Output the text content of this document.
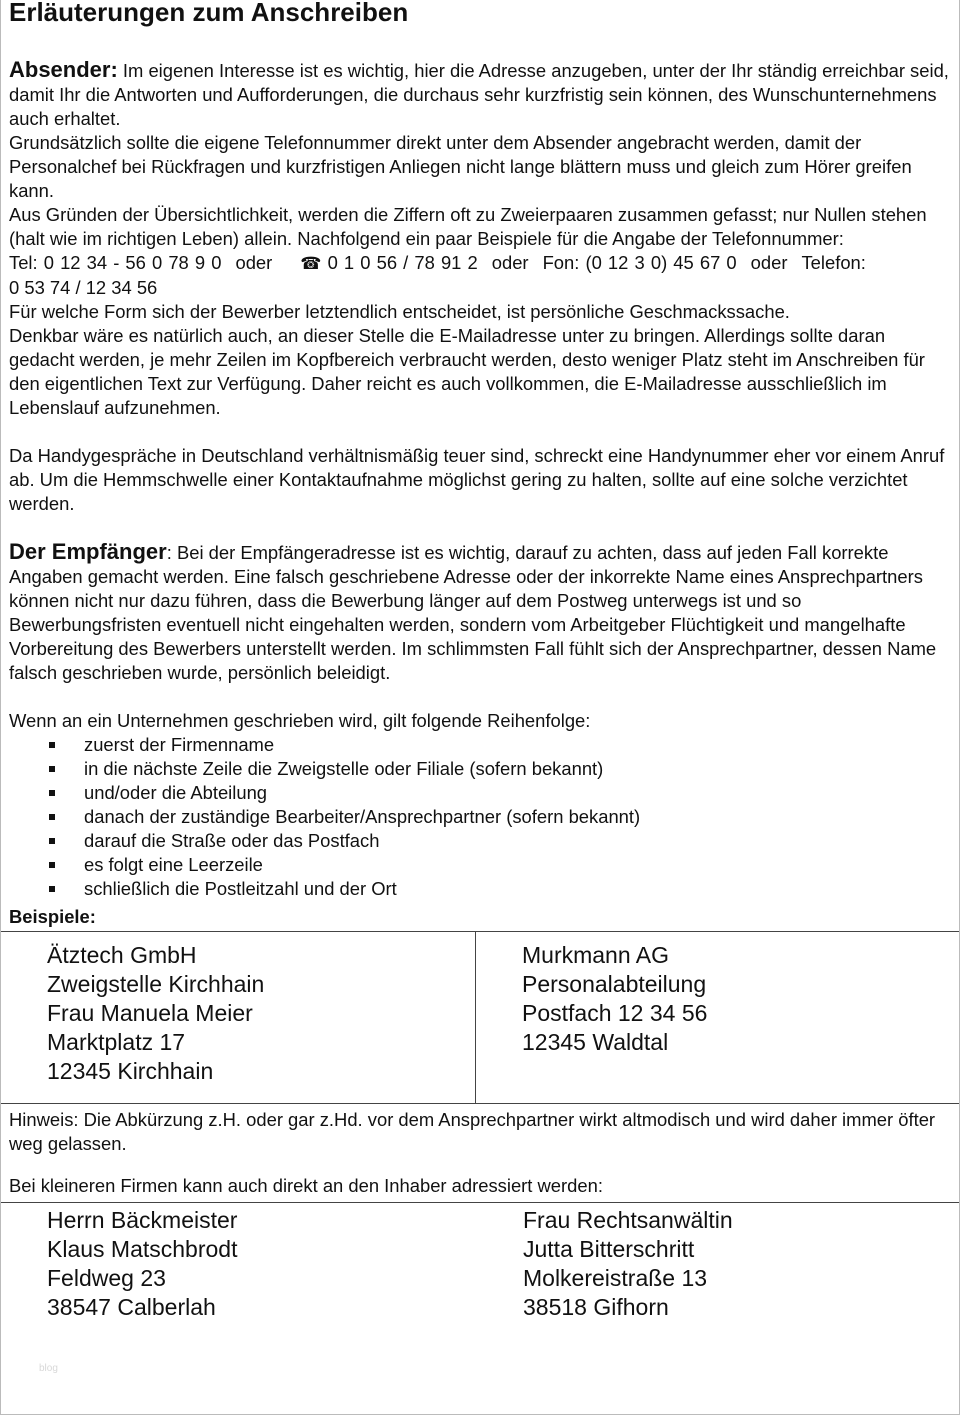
Erläuterungen zum Anschreiben

Absender: Im eigenen Interesse ist es wichtig, hier die Adresse anzugeben, unter der Ihr ständig erreichbar seid, damit Ihr die Antworten und Aufforderungen, die durchaus sehr kurzfristig sein können, des Wunschunternehmens auch erhaltet.

Grundsätzlich sollte die eigene Telefonnummer direkt unter dem Absender angebracht werden, damit der Personalchef bei Rückfragen und kurzfristigen Anliegen nicht lange blättern muss und gleich zum Hörer greifen kann.

Aus Gründen der Übersichtlichkeit, werden die Ziffern oft zu Zweierpaaren zusammen gefasst; nur Nullen stehen (halt wie im richtigen Leben) allein. Nachfolgend ein paar Beispiele für die Angabe der Telefonnummer:

Tel: 0 12 34 - 56 0 78 9 0 oder ☎ 0 1 0 56 / 78 91 2 oder Fon: (0 12 3 0) 45 67 0 oder Telefon:

0 53 74 / 12 34 56

Für welche Form sich der Bewerber letztendlich entscheidet, ist persönliche Geschmackssache.

Denkbar wäre es natürlich auch, an dieser Stelle die E-Mailadresse unter zu bringen. Allerdings sollte daran gedacht werden, je mehr Zeilen im Kopfbereich verbraucht werden, desto weniger Platz steht im Anschreiben für den eigentlichen Text zur Verfügung. Daher reicht es auch vollkommen, die E-Mailadresse ausschließlich im Lebenslauf aufzunehmen.

Da Handygespräche in Deutschland verhältnismäßig teuer sind, schreckt eine Handynummer eher vor einem Anruf ab. Um die Hemmschwelle einer Kontaktaufnahme möglichst gering zu halten, sollte auf eine solche verzichtet werden.

Der Empfänger: Bei der Empfängeradresse ist es wichtig, darauf zu achten, dass auf jeden Fall korrekte Angaben gemacht werden. Eine falsch geschriebene Adresse oder der inkorrekte Name eines Ansprechpartners können nicht nur dazu führen, dass die Bewerbung länger auf dem Postweg unterwegs ist und so Bewerbungsfristen eventuell nicht eingehalten werden, sondern vom Arbeitgeber Flüchtigkeit und mangelhafte Vorbereitung des Bewerbers unterstellt werden. Im schlimmsten Fall fühlt sich der Ansprechpartner, dessen Name falsch geschrieben wurde, persönlich beleidigt.

Wenn an ein Unternehmen geschrieben wird, gilt folgende Reihenfolge:

zuerst der Firmenname
in die nächste Zeile die Zweigstelle oder Filiale (sofern bekannt)
und/oder die Abteilung
danach der zuständige Bearbeiter/Ansprechpartner (sofern bekannt)
darauf die Straße oder das Postfach
es folgt eine Leerzeile
schließlich die Postleitzahl und der Ort

Beispiele:

Ätztech GmbH
Zweigstelle Kirchhain
Frau Manuela Meier
Marktplatz 17
12345 Kirchhain

Murkmann AG
Personalabteilung
Postfach 12 34 56
12345 Waldtal

Hinweis: Die Abkürzung z.H. oder gar z.Hd. vor dem Ansprechpartner wirkt altmodisch und wird daher immer öfter weg gelassen.

Bei kleineren Firmen kann auch direkt an den Inhaber adressiert werden:

Herrn Bäckmeister
Klaus Matschbrodt
Feldweg 23
38547 Calberlah

Frau Rechtsanwältin
Jutta Bitterschritt
Molkereistraße 13
38518 Gifhorn
blog
